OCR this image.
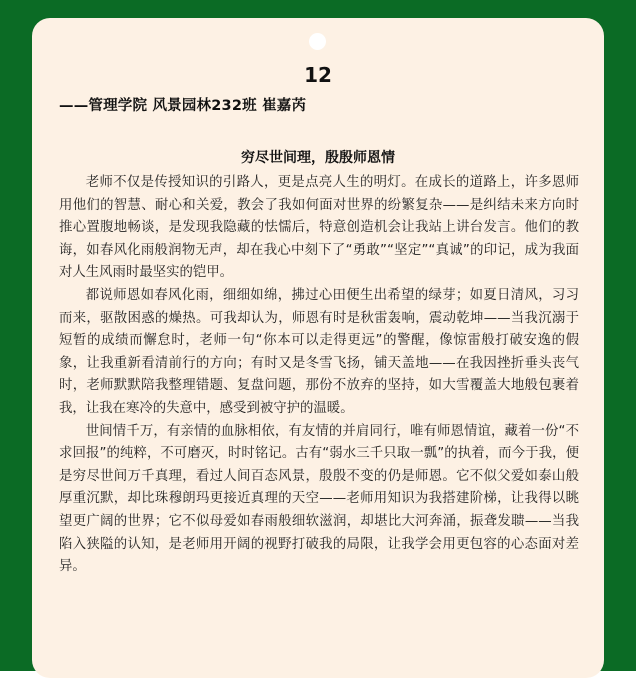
12
——管理学院 风景园林232班 崔嘉芮
穷尽世间理，殷殷师恩情

老师不仅是传授知识的引路人，更是点亮人生的明灯。在成长的道路上，许多恩师用他们的智慧、耐心和关爱，教会了我如何面对世界的纷繁复杂——是纠结未来方向时推心置腹地畅谈，是发现我隐藏的怯懦后，特意创造机会让我站上讲台发言。他们的教诲，如春风化雨般润物无声，却在我心中刻下了“勇敢”“坚定”“真诚”的印记，成为我面对人生风雨时最坚实的铠甲。

都说师恩如春风化雨，细细如绵，拂过心田便生出希望的绿芽；如夏日清风，习习而来，驱散困惑的燥热。可我却认为，师恩有时是秋雷轰响，震动乾坤——当我沉溺于短暂的成绩而懈怠时，老师一句“你本可以走得更远”的警醒，像惊雷般打破安逸的假象，让我重新看清前行的方向；有时又是冬雪飞扬，铺天盖地——在我因挫折垂头丧气时，老师默默陪我整理错题、复盘问题，那份不放弃的坚持，如大雪覆盖大地般包裹着我，让我在寒冷的失意中，感受到被守护的温暖。

世间情千万，有亲情的血脉相依，有友情的并肩同行，唯有师恩情谊，藏着一份“不求回报”的纯粹，不可磨灭，时时铭记。古有“弱水三千只取一瓢”的执着，而今于我，便是穷尽世间万千真理，看过人间百态风景，殷殷不变的仍是师恩。它不似父爱如泰山般厚重沉默，却比珠穆朗玛更接近真理的天空——老师用知识为我搭建阶梯，让我得以眺望更广阔的世界；它不似母爱如春雨般细软滋润，却堪比大河奔涌，振聋发聩——当我陷入狭隘的认知，是老师用开阔的视野打破我的局限，让我学会用更包容的心态面对差异。
